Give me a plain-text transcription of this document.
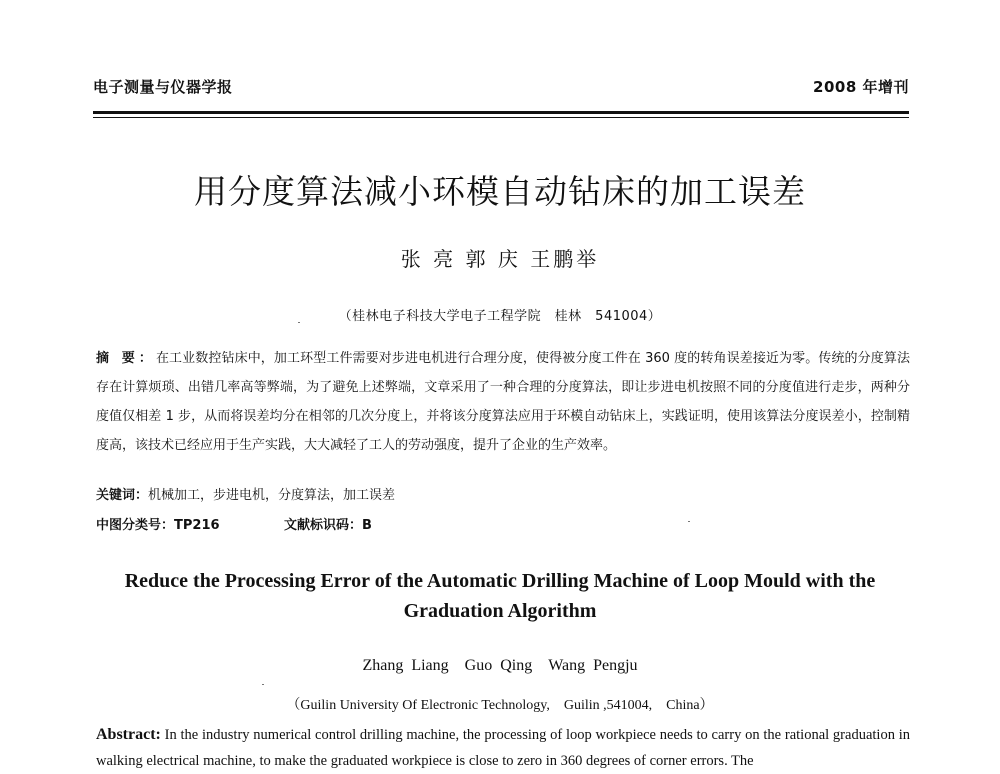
电子测量与仪器学报	2008 年增刊
用分度算法减小环模自动钻床的加工误差
张 亮 郭 庆 王鹏举
（桂林电子科技大学电子工程学院　桂林　541004）

摘 要：在工业数控钻床中，加工环型工件需要对步进电机进行合理分度，使得被分度工件在 360 度的转角误差接近为零。传统的分度算法存在计算烦琐、出错几率高等弊端，为了避免上述弊端，文章采用了一种合理的分度算法，即让步进电机按照不同的分度值进行走步，两种分度值仅相差 1 步，从而将误差均分在相邻的几次分度上，并将该分度算法应用于环模自动钻床上，实践证明，使用该算法分度误差小，控制精度高，该技术已经应用于生产实践，大大减轻了工人的劳动强度，提升了企业的生产效率。

关键词：机械加工，步进电机，分度算法，加工误差

中图分类号：TP216	文献标识码：B
Reduce the Processing Error of the Automatic Drilling Machine of Loop Mould with the Graduation Algorithm
Zhang Liang　Guo Qing　Wang Pengju
（Guilin University Of Electronic Technology,　Guilin ,541004,　China）

Abstract: In the industry numerical control drilling machine, the processing of loop workpiece needs to carry on the rational graduation in walking electrical machine, to make the graduated workpiece is close to zero in 360 degrees of corner errors. The
